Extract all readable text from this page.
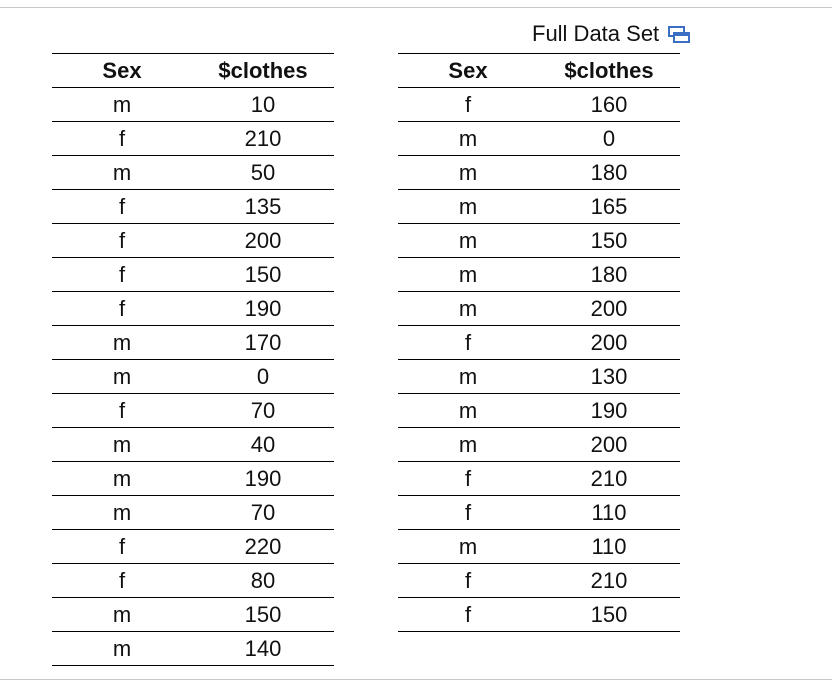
Full Data Set
Sex	$clothes
m	10
f	210
m	50
f	135
f	200
f	150
f	190
m	170
m	0
f	70
m	40
m	190
m	70
f	220
f	80
m	150
m	140
Sex	$clothes
f	160
m	0
m	180
m	165
m	150
m	180
m	200
f	200
m	130
m	190
m	200
f	210
f	110
m	110
f	210
f	150
